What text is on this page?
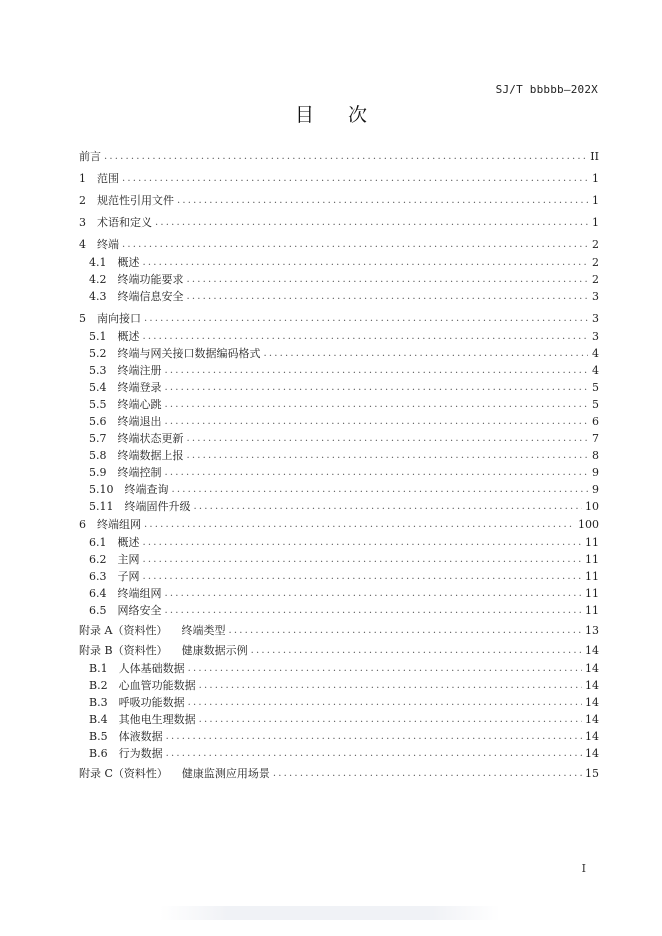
SJ/T bbbbb—202X
目次
前言 .....	II
1 范围 .....	1
2 规范性引用文件 .....	1
3 术语和定义 .....	1
4 终端 .....	2
4.1 概述 .....	2
4.2 终端功能要求 .....	2
4.3 终端信息安全 .....	3
5 南向接口 .....	3
5.1 概述 .....	3
5.2 终端与网关接口数据编码格式 .....	4
5.3 终端注册 .....	4
5.4 终端登录 .....	5
5.5 终端心跳 .....	5
5.6 终端退出 .....	6
5.7 终端状态更新 .....	7
5.8 终端数据上报 .....	8
5.9 终端控制 .....	9
5.10 终端查询 .....	9
5.11 终端固件升级 .....	10
6 终端组网 .....	100
6.1 概述 .....	11
6.2 主网 .....	11
6.3 子网 .....	11
6.4 终端组网 .....	11
6.5 网络安全 .....	11
附录 A（资料性） 终端类型 .....	13
附录 B（资料性） 健康数据示例 .....	14
B.1 人体基础数据 .....	14
B.2 心血管功能数据 .....	14
B.3 呼吸功能数据 .....	14
B.4 其他电生理数据 .....	14
B.5 体液数据 .....	14
B.6 行为数据 .....	14
附录 C（资料性） 健康监测应用场景 .....	15
I
